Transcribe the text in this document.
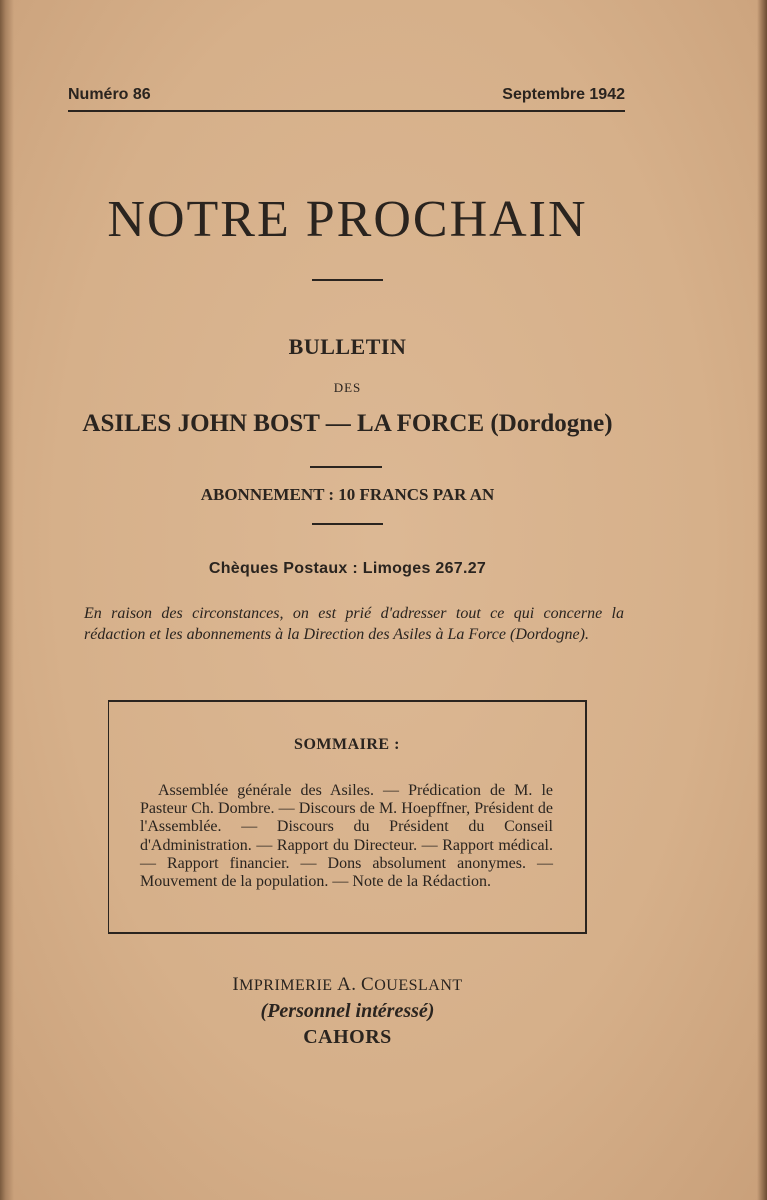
Numéro 86	Septembre 1942
NOTRE PROCHAIN
BULLETIN
DES
ASILES JOHN BOST — LA FORCE (Dordogne)
ABONNEMENT : 10 FRANCS PAR AN
Chèques Postaux : Limoges 267.27
En raison des circonstances, on est prié d'adresser tout ce qui concerne la rédaction et les abonnements à la Direction des Asiles à La Force (Dordogne).
SOMMAIRE :
Assemblée générale des Asiles. — Prédication de M. le Pasteur Ch. Dombre. — Discours de M. Hoepffner, Président de l'Assemblée. — Discours du Président du Conseil d'Administration. — Rapport du Directeur. — Rapport médical. — Rapport financier. — Dons absolument anonymes. — Mouvement de la population. — Note de la Rédaction.
IMPRIMERIE A. COUESLANT
(Personnel intéressé)
CAHORS
